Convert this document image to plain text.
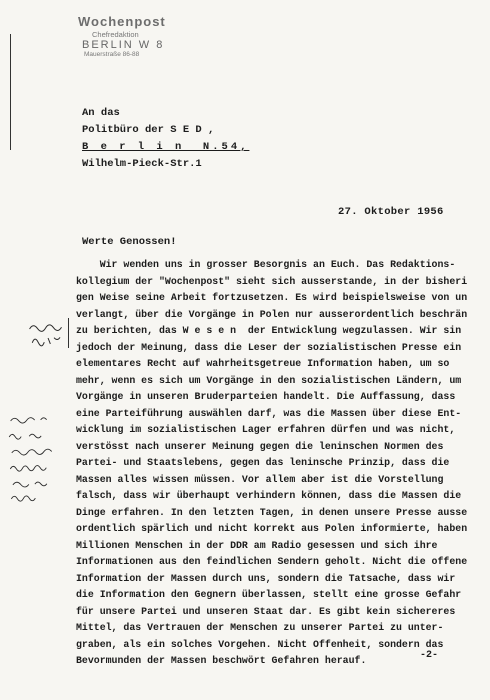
Wochenpost
Chefredaktion
BERLIN W 8
Mauerstraße 86-88
An das
Politbüro der S E D ,
B e r l i n  N.54,
Wilhelm-Pieck-Str.1
27. Oktober 1956
Werte Genossen!
Wir wenden uns in grosser Besorgnis an Euch. Das Redaktions-
kollegium der "Wochenpost" sieht sich ausserstande, in der bisheri
gen Weise seine Arbeit fortzusetzen. Es wird beispielsweise von un
verlangt, über die Vorgänge in Polen nur ausserordentlich beschrän
zu berichten, das W e s e n  der Entwicklung wegzulassen. Wir sin
jedoch der Meinung, dass die Leser der sozialistischen Presse ein
elementares Recht auf wahrheitsgetreue Information haben, um so
mehr, wenn es sich um Vorgänge in den sozialistischen Ländern, um
Vorgänge in unseren Bruderparteien handelt. Die Auffassung, dass
eine Parteiführung auswählen darf, was die Massen über diese Ent-
wicklung im sozialistischen Lager erfahren dürfen und was nicht,
verstösst nach unserer Meinung gegen die leninschen Normen des
Partei- und Staatslebens, gegen das leninsche Prinzip, dass die
Massen alles wissen müssen. Vor allem aber ist die Vorstellung
falsch, dass wir überhaupt verhindern können, dass die Massen die
Dinge erfahren. In den letzten Tagen, in denen unsere Presse ausse
ordentlich spärlich und nicht korrekt aus Polen informierte, haben
Millionen Menschen in der DDR am Radio gesessen und sich ihre
Informationen aus den feindlichen Sendern geholt. Nicht die offene
Information der Massen durch uns, sondern die Tatsache, dass wir
die Information den Gegnern überlassen, stellt eine grosse Gefahr
für unsere Partei und unseren Staat dar. Es gibt kein sichereres
Mittel, das Vertrauen der Menschen zu unserer Partei zu unter-
graben, als ein solches Vorgehen. Nicht Offenheit, sondern das
Bevormunden der Massen beschwört Gefahren herauf.	-2-
